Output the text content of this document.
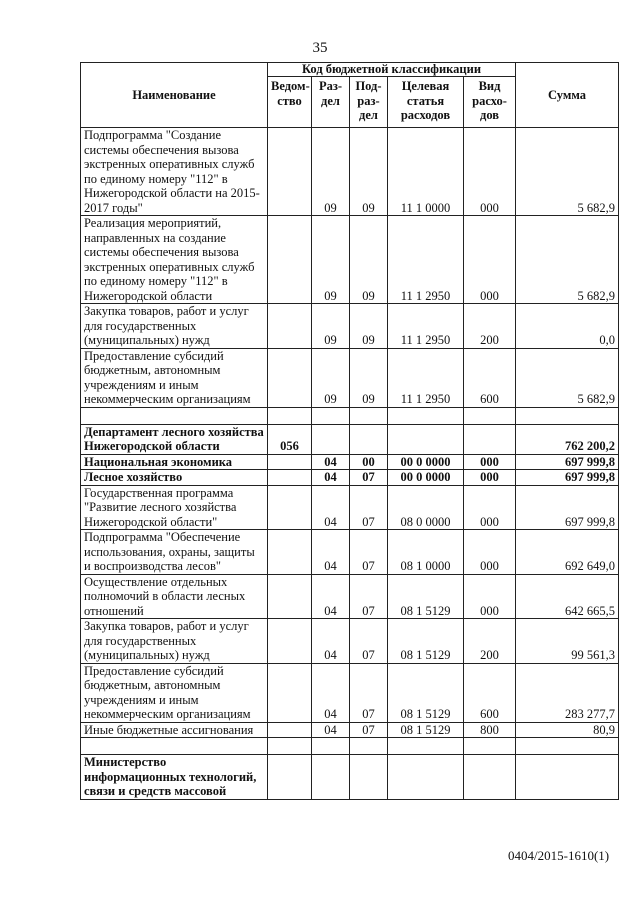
35
Наименование	Код бюджетной классификации					Сумма
	Ведом-ство	Раз-дел	Под-раз-дел	Целевая статья расходов	Вид расхо-дов	
Подпрограмма "Создание системы обеспечения вызова экстренных оперативных служб по единому номеру "112" в Нижегородской области на 2015-2017 годы"		09	09	11 1 0000	000	5 682,9
Реализация мероприятий, направленных на создание системы обеспечения вызова экстренных оперативных служб по единому номеру "112" в Нижегородской области		09	09	11 1 2950	000	5 682,9
Закупка товаров, работ и услуг для государственных (муниципальных) нужд		09	09	11 1 2950	200	0,0
Предоставление субсидий бюджетным, автономным учреждениям и иным некоммерческим организациям		09	09	11 1 2950	600	5 682,9

Департамент лесного хозяйства Нижегородской области	056					762 200,2
Национальная экономика		04	00	00 0 0000	000	697 999,8
Лесное хозяйство		04	07	00 0 0000	000	697 999,8
Государственная программа "Развитие лесного хозяйства Нижегородской области"		04	07	08 0 0000	000	697 999,8
Подпрограмма "Обеспечение использования, охраны, защиты и воспроизводства лесов"		04	07	08 1 0000	000	692 649,0
Осуществление отдельных полномочий в области лесных отношений		04	07	08 1 5129	000	642 665,5
Закупка товаров, работ и услуг для государственных (муниципальных) нужд		04	07	08 1 5129	200	99 561,3
Предоставление субсидий бюджетным, автономным учреждениям и иным некоммерческим организациям		04	07	08 1 5129	600	283 277,7
Иные бюджетные ассигнования		04	07	08 1 5129	800	80,9

Министерство информационных технологий, связи и средств массовой						
0404/2015-1610(1)
